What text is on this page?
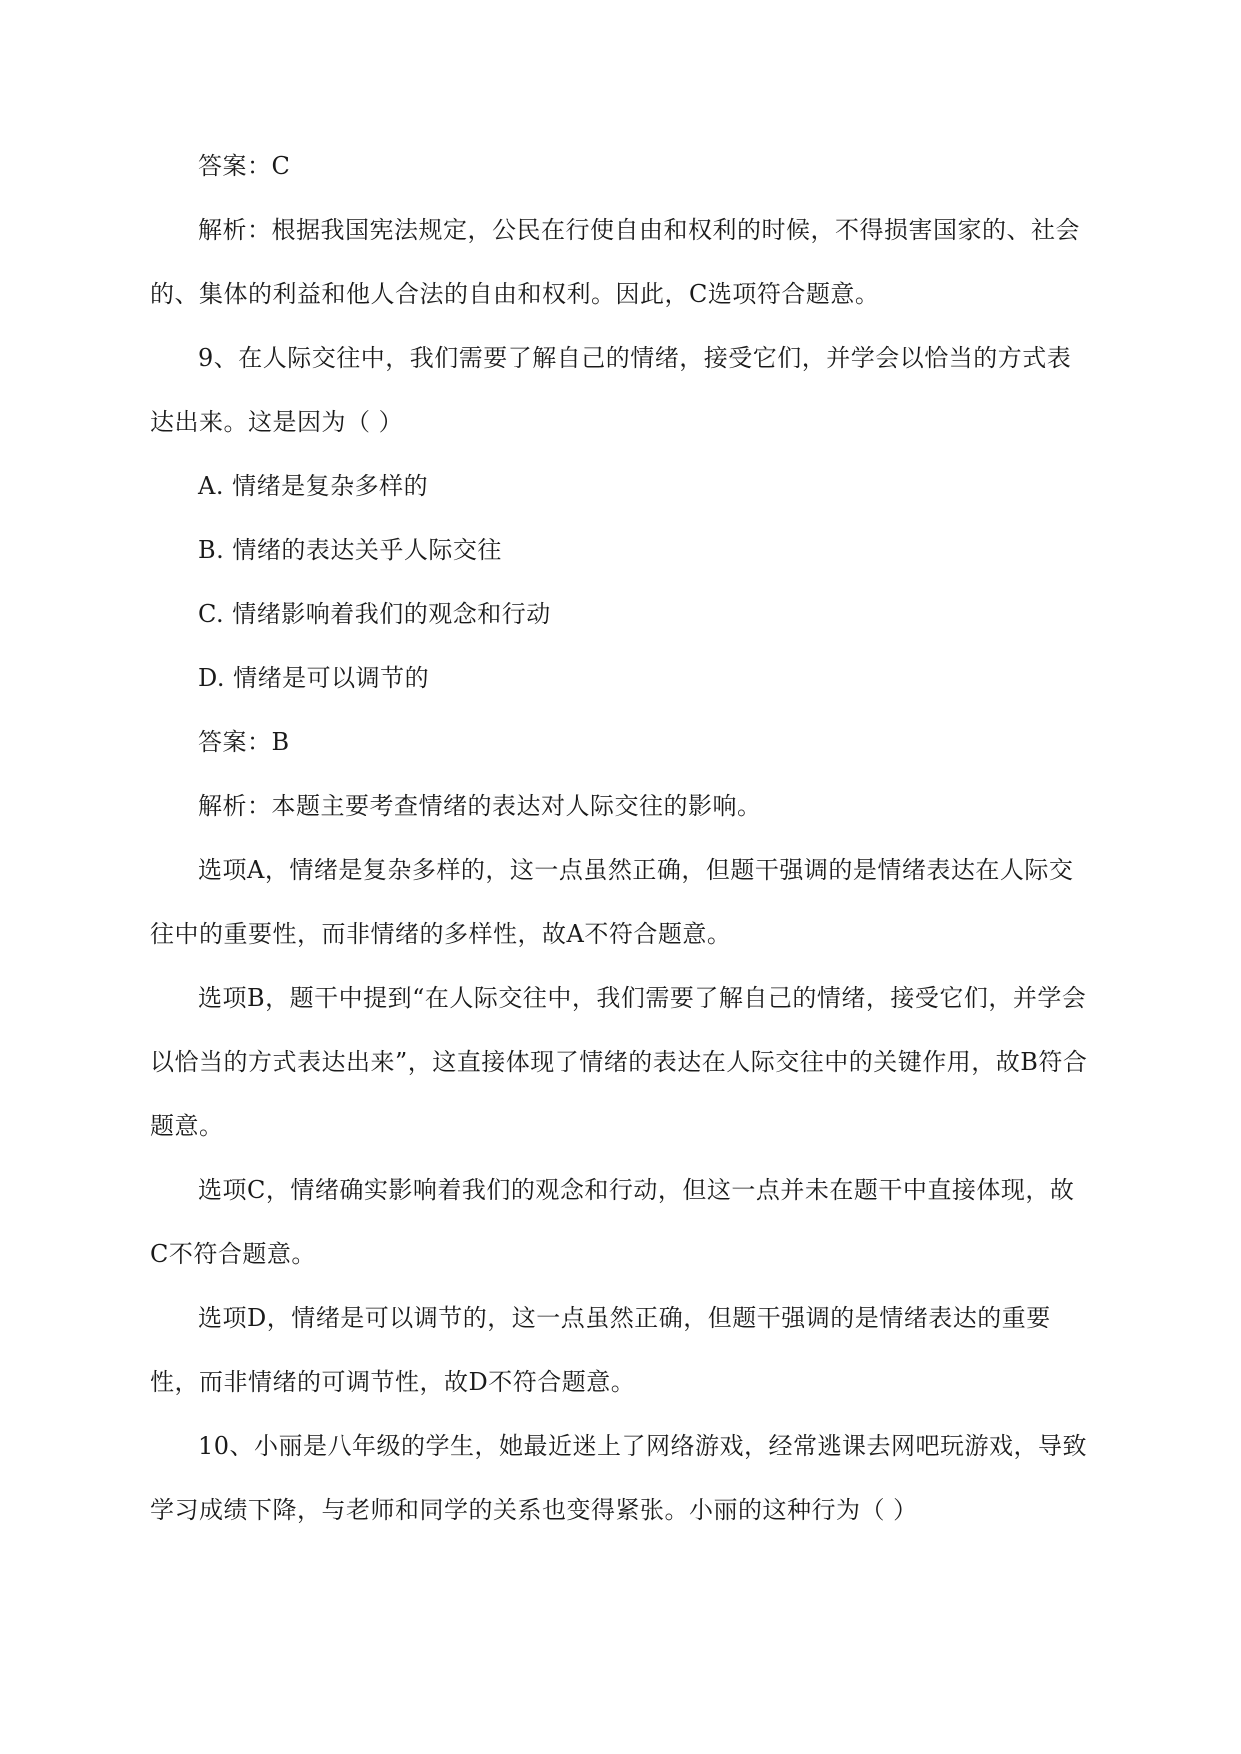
答案：C

解析：根据我国宪法规定，公民在行使自由和权利的时候，不得损害国家的、社会的、集体的利益和他人合法的自由和权利。因此，C选项符合题意。

9、在人际交往中，我们需要了解自己的情绪，接受它们，并学会以恰当的方式表达出来。这是因为（ ）

A. 情绪是复杂多样的

B. 情绪的表达关乎人际交往

C. 情绪影响着我们的观念和行动

D. 情绪是可以调节的

答案：B

解析：本题主要考查情绪的表达对人际交往的影响。

选项A，情绪是复杂多样的，这一点虽然正确，但题干强调的是情绪表达在人际交往中的重要性，而非情绪的多样性，故A不符合题意。

选项B，题干中提到“在人际交往中，我们需要了解自己的情绪，接受它们，并学会以恰当的方式表达出来”，这直接体现了情绪的表达在人际交往中的关键作用，故B符合题意。

选项C，情绪确实影响着我们的观念和行动，但这一点并未在题干中直接体现，故C不符合题意。

选项D，情绪是可以调节的，这一点虽然正确，但题干强调的是情绪表达的重要性，而非情绪的可调节性，故D不符合题意。

10、小丽是八年级的学生，她最近迷上了网络游戏，经常逃课去网吧玩游戏，导致学习成绩下降，与老师和同学的关系也变得紧张。小丽的这种行为（ ）
